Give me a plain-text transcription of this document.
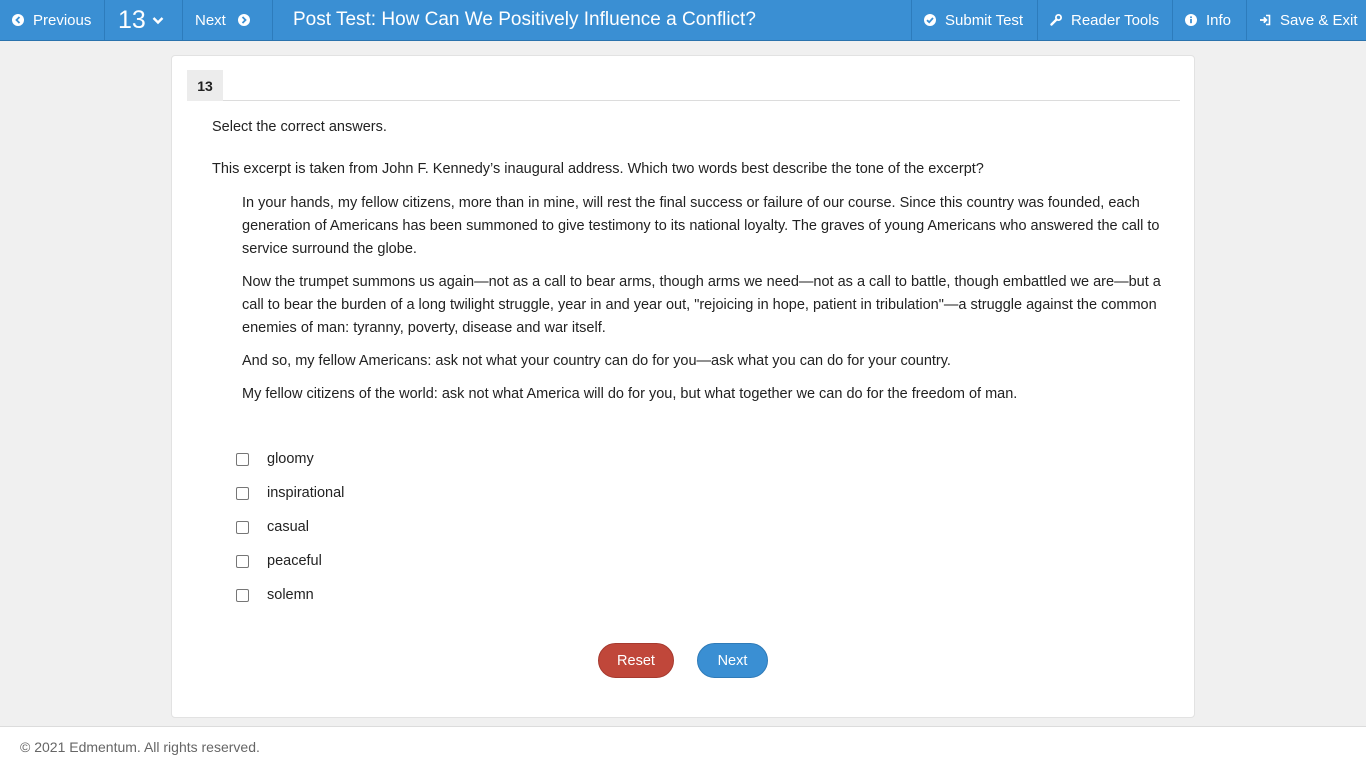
Previous 13	Next	Post Test: How Can We Positively Influence a Conflict?	Submit Test	Reader Tools	Info	Save & Exit
13
Select the correct answers.
This excerpt is taken from John F. Kennedy’s inaugural address. Which two words best describe the tone of the excerpt?

In your hands, my fellow citizens, more than in mine, will rest the final success or failure of our course. Since this country was founded, each generation of Americans has been summoned to give testimony to its national loyalty. The graves of young Americans who answered the call to service surround the globe.

Now the trumpet summons us again—not as a call to bear arms, though arms we need—not as a call to battle, though embattled we are—but a call to bear the burden of a long twilight struggle, year in and year out, "rejoicing in hope, patient in tribulation"—a struggle against the common enemies of man: tyranny, poverty, disease and war itself.

And so, my fellow Americans: ask not what your country can do for you—ask what you can do for your country.

My fellow citizens of the world: ask not what America will do for you, but what together we can do for the freedom of man.

gloomy
inspirational
casual
peaceful
solemn
Reset	Next
© 2021 Edmentum. All rights reserved.
